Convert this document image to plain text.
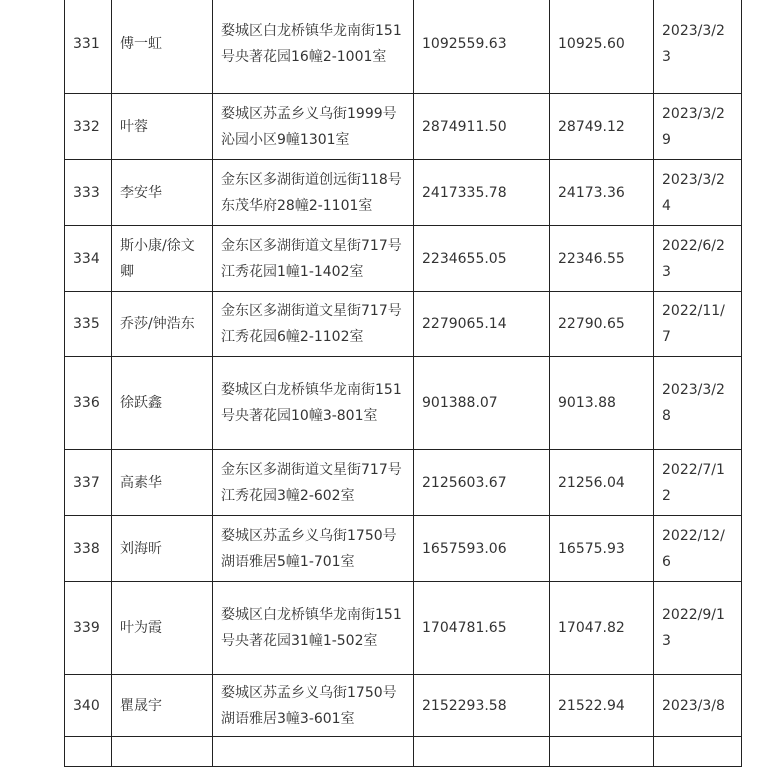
331	傅一虹	婺城区白龙桥镇华龙南街151号央著花园16幢2-1001室	1092559.63	10925.60	2023/3/23
332	叶蓉	婺城区苏孟乡义乌街1999号沁园小区9幢1301室	2874911.50	28749.12	2023/3/29
333	李安华	金东区多湖街道创远街118号东茂华府28幢2-1101室	2417335.78	24173.36	2023/3/24
334	斯小康/徐文卿	金东区多湖街道文星街717号江秀花园1幢1-1402室	2234655.05	22346.55	2022/6/23
335	乔莎/钟浩东	金东区多湖街道文星街717号江秀花园6幢2-1102室	2279065.14	22790.65	2022/11/7
336	徐跃鑫	婺城区白龙桥镇华龙南街151号央著花园10幢3-801室	901388.07	9013.88	2023/3/28
337	高素华	金东区多湖街道文星街717号江秀花园3幢2-602室	2125603.67	21256.04	2022/7/12
338	刘海昕	婺城区苏孟乡义乌街1750号湖语雅居5幢1-701室	1657593.06	16575.93	2022/12/6
339	叶为霞	婺城区白龙桥镇华龙南街151号央著花园31幢1-502室	1704781.65	17047.82	2022/9/13
340	瞿晟宇	婺城区苏孟乡义乌街1750号湖语雅居3幢3-601室	2152293.58	21522.94	2023/3/8
